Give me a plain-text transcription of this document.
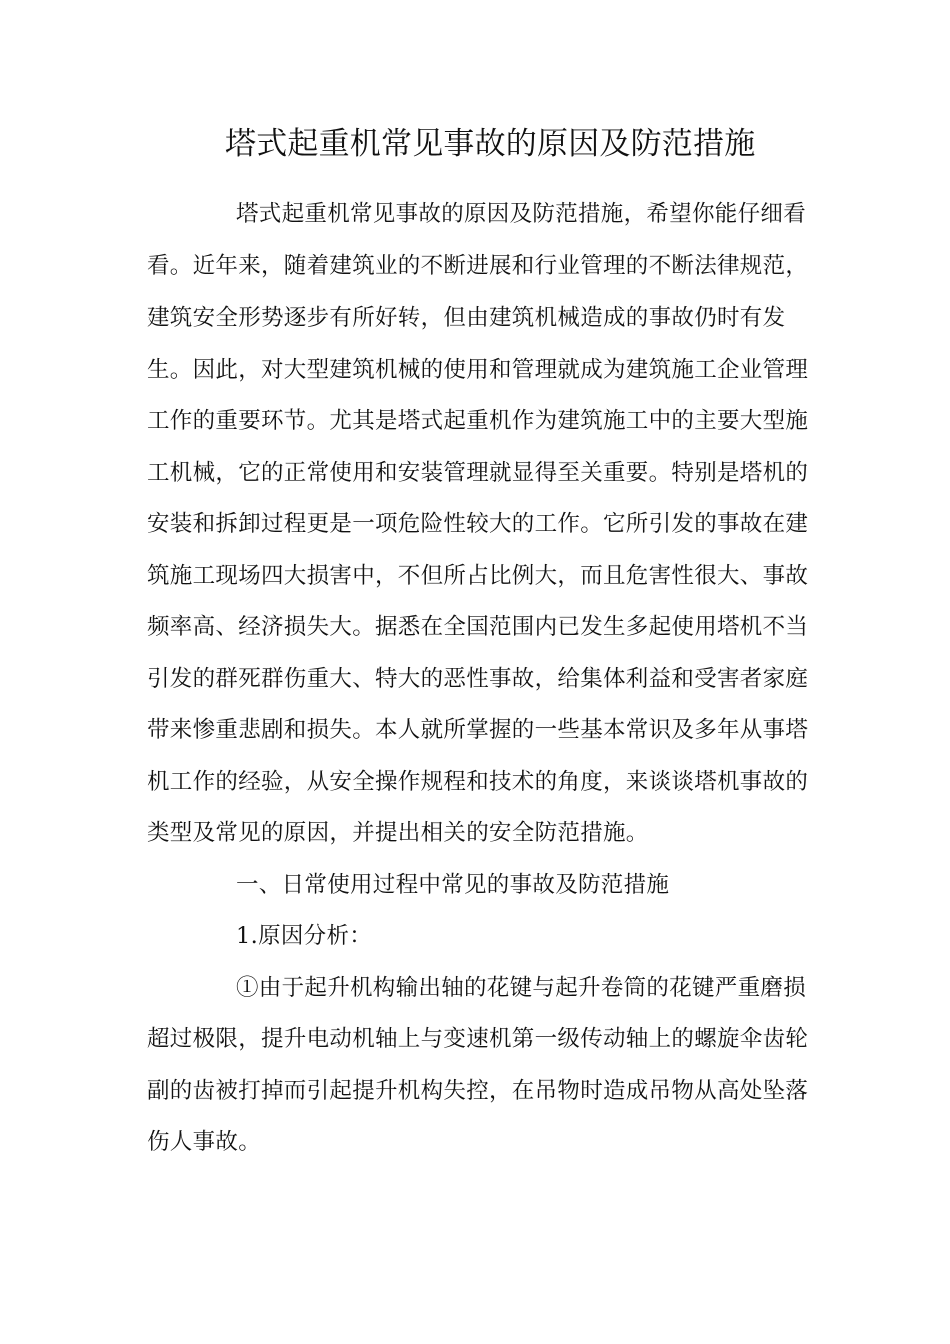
塔式起重机常见事故的原因及防范措施
塔式起重机常见事故的原因及防范措施，希望你能仔细看
看。近年来，随着建筑业的不断进展和行业管理的不断法律规范，
建筑安全形势逐步有所好转，但由建筑机械造成的事故仍时有发
生。因此，对大型建筑机械的使用和管理就成为建筑施工企业管理
工作的重要环节。尤其是塔式起重机作为建筑施工中的主要大型施
工机械，它的正常使用和安装管理就显得至关重要。特别是塔机的
安装和拆卸过程更是一项危险性较大的工作。它所引发的事故在建
筑施工现场四大损害中，不但所占比例大，而且危害性很大、事故
频率高、经济损失大。据悉在全国范围内已发生多起使用塔机不当
引发的群死群伤重大、特大的恶性事故，给集体利益和受害者家庭
带来惨重悲剧和损失。本人就所掌握的一些基本常识及多年从事塔
机工作的经验，从安全操作规程和技术的角度，来谈谈塔机事故的
类型及常见的原因，并提出相关的安全防范措施。
一、日常使用过程中常见的事故及防范措施
1.原因分析：
①由于起升机构输出轴的花键与起升卷筒的花键严重磨损
超过极限，提升电动机轴上与变速机第一级传动轴上的螺旋伞齿轮
副的齿被打掉而引起提升机构失控，在吊物时造成吊物从高处坠落
伤人事故。
